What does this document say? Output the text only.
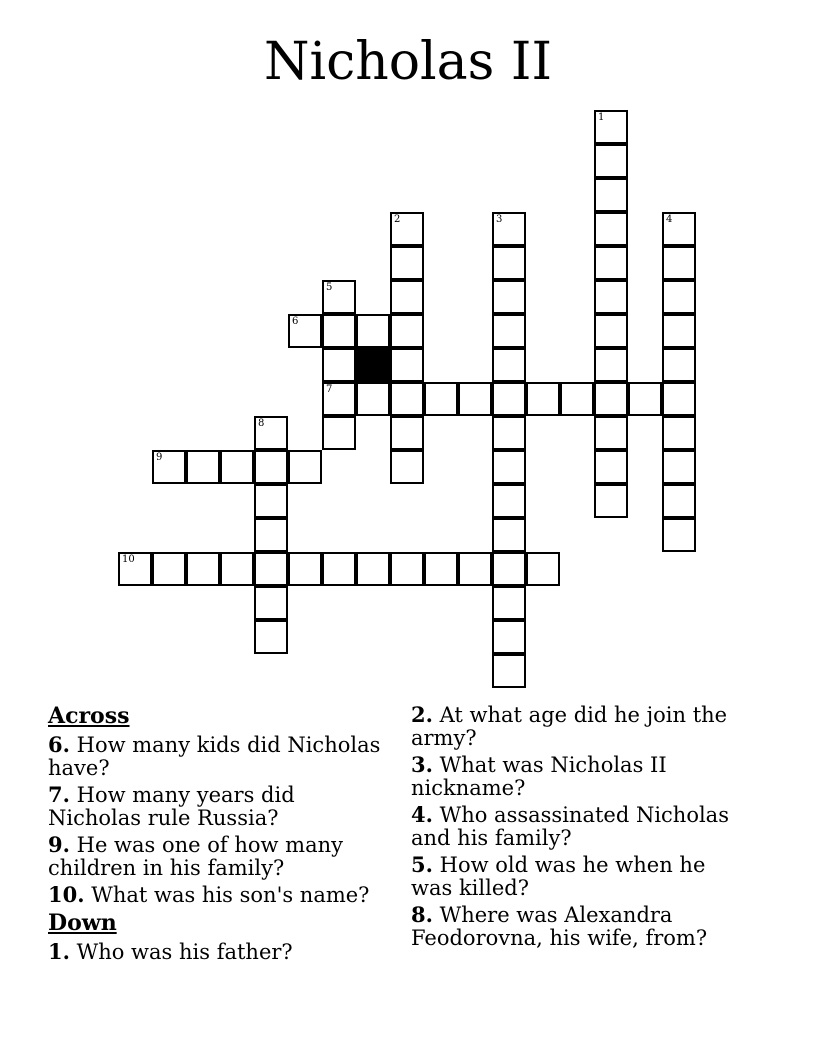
Nicholas II
1
2	3	4
5
6
7
8
9
10
Across
6. How many kids did Nicholas have?
7. How many years did Nicholas rule Russia?
9. He was one of how many children in his family?
10. What was his son's name?
Down
1. Who was his father?
2. At what age did he join the army?
3. What was Nicholas II nickname?
4. Who assassinated Nicholas and his family?
5. How old was he when he was killed?
8. Where was Alexandra Feodorovna, his wife, from?
